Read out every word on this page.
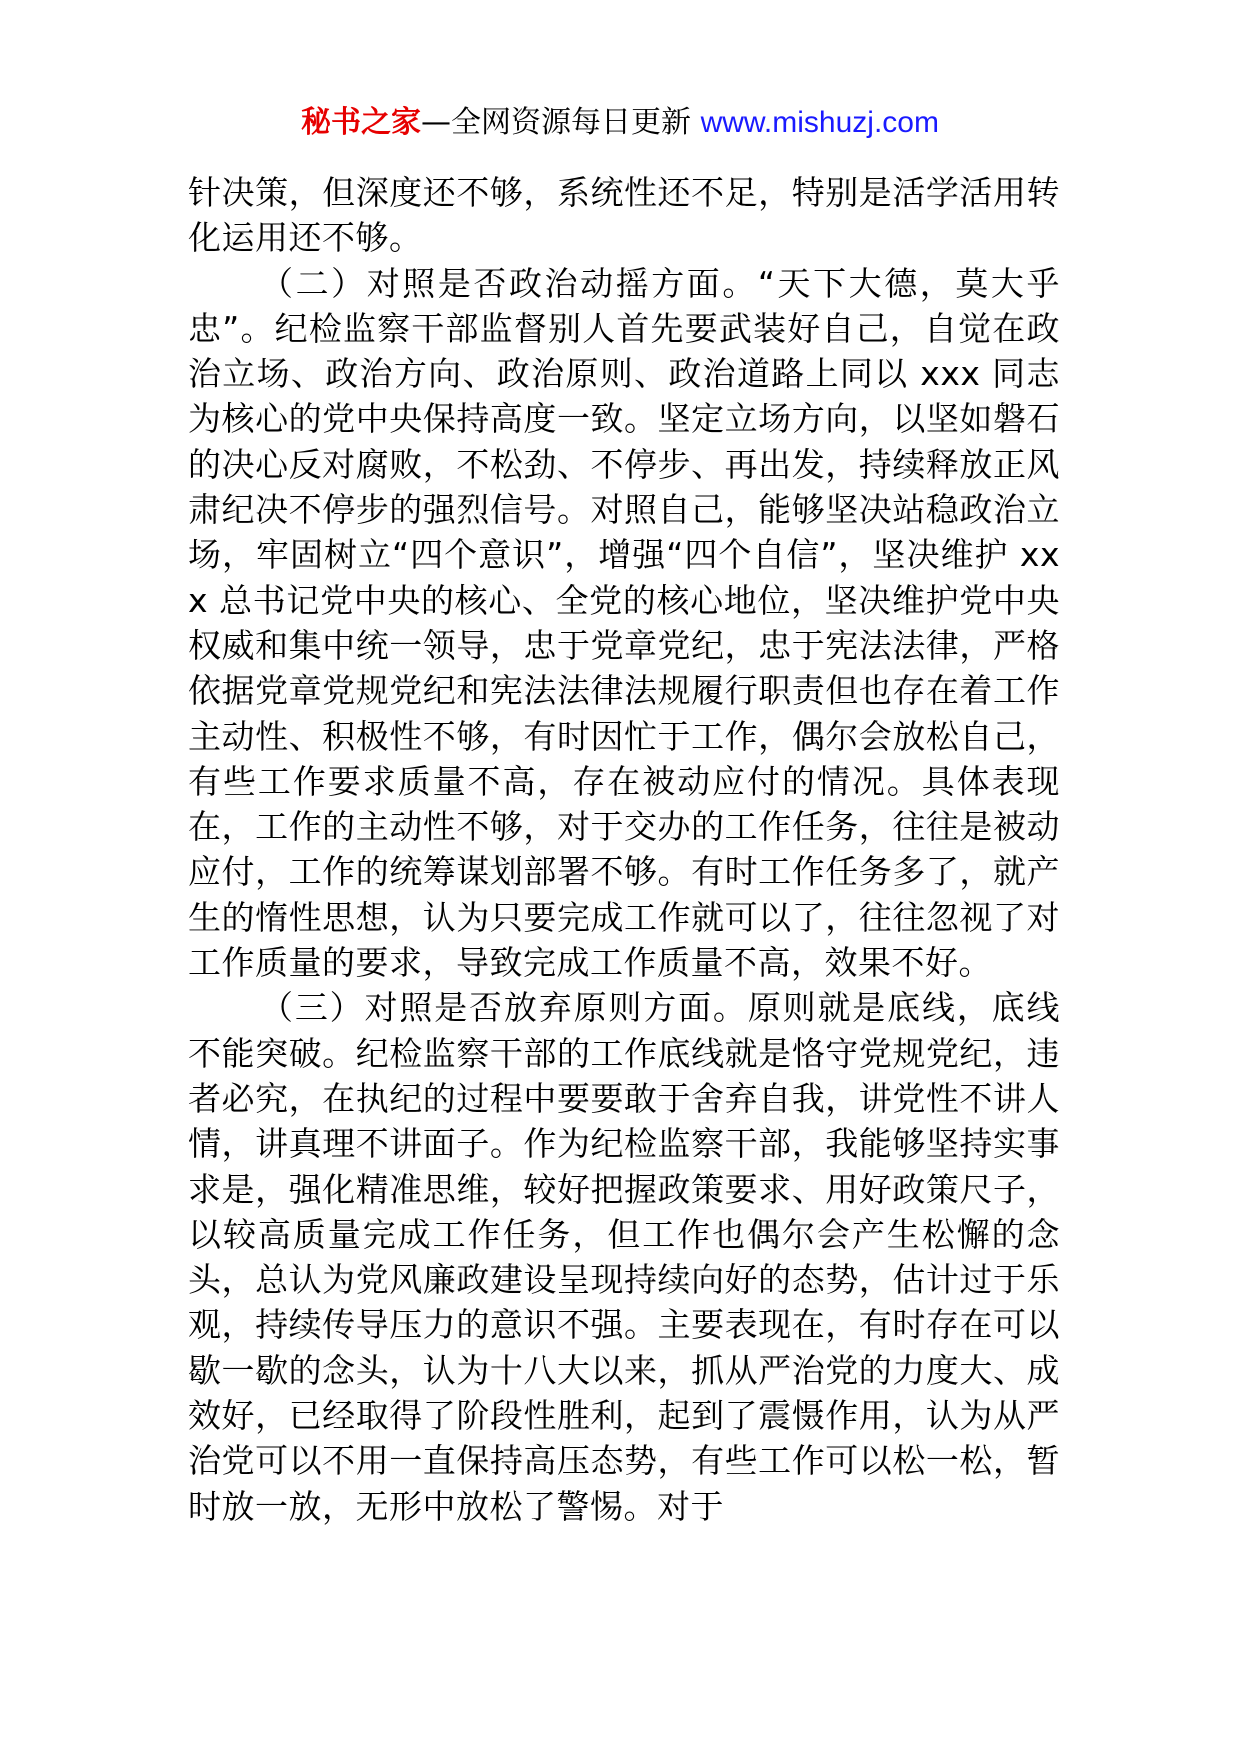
秘书之家—全网资源每日更新 www.mishuzj.com

针决策，但深度还不够，系统性还不足，特别是活学活用转化运用还不够。

（二）对照是否政治动摇方面。“天下大德，莫大乎忠”。纪检监察干部监督别人首先要武装好自己，自觉在政治立场、政治方向、政治原则、政治道路上同以 xxx 同志为核心的党中央保持高度一致。坚定立场方向，以坚如磐石的决心反对腐败，不松劲、不停步、再出发，持续释放正风肃纪决不停步的强烈信号。对照自己，能够坚决站稳政治立场，牢固树立“四个意识”，增强“四个自信”，坚决维护 xxx 总书记党中央的核心、全党的核心地位，坚决维护党中央权威和集中统一领导，忠于党章党纪，忠于宪法法律，严格依据党章党规党纪和宪法法律法规履行职责但也存在着工作主动性、积极性不够，有时因忙于工作，偶尔会放松自己，有些工作要求质量不高，存在被动应付的情况。具体表现在，工作的主动性不够，对于交办的工作任务，往往是被动应付，工作的统筹谋划部署不够。有时工作任务多了，就产生的惰性思想，认为只要完成工作就可以了，往往忽视了对工作质量的要求，导致完成工作质量不高，效果不好。

（三）对照是否放弃原则方面。原则就是底线，底线不能突破。纪检监察干部的工作底线就是恪守党规党纪，违者必究，在执纪的过程中要要敢于舍弃自我，讲党性不讲人情，讲真理不讲面子。作为纪检监察干部，我能够坚持实事求是，强化精准思维，较好把握政策要求、用好政策尺子，以较高质量完成工作任务，但工作也偶尔会产生松懈的念头，总认为党风廉政建设呈现持续向好的态势，估计过于乐观，持续传导压力的意识不强。主要表现在，有时存在可以歇一歇的念头，认为十八大以来，抓从严治党的力度大、成效好，已经取得了阶段性胜利，起到了震慑作用，认为从严治党可以不用一直保持高压态势，有些工作可以松一松，暂时放一放，无形中放松了警惕。对于
